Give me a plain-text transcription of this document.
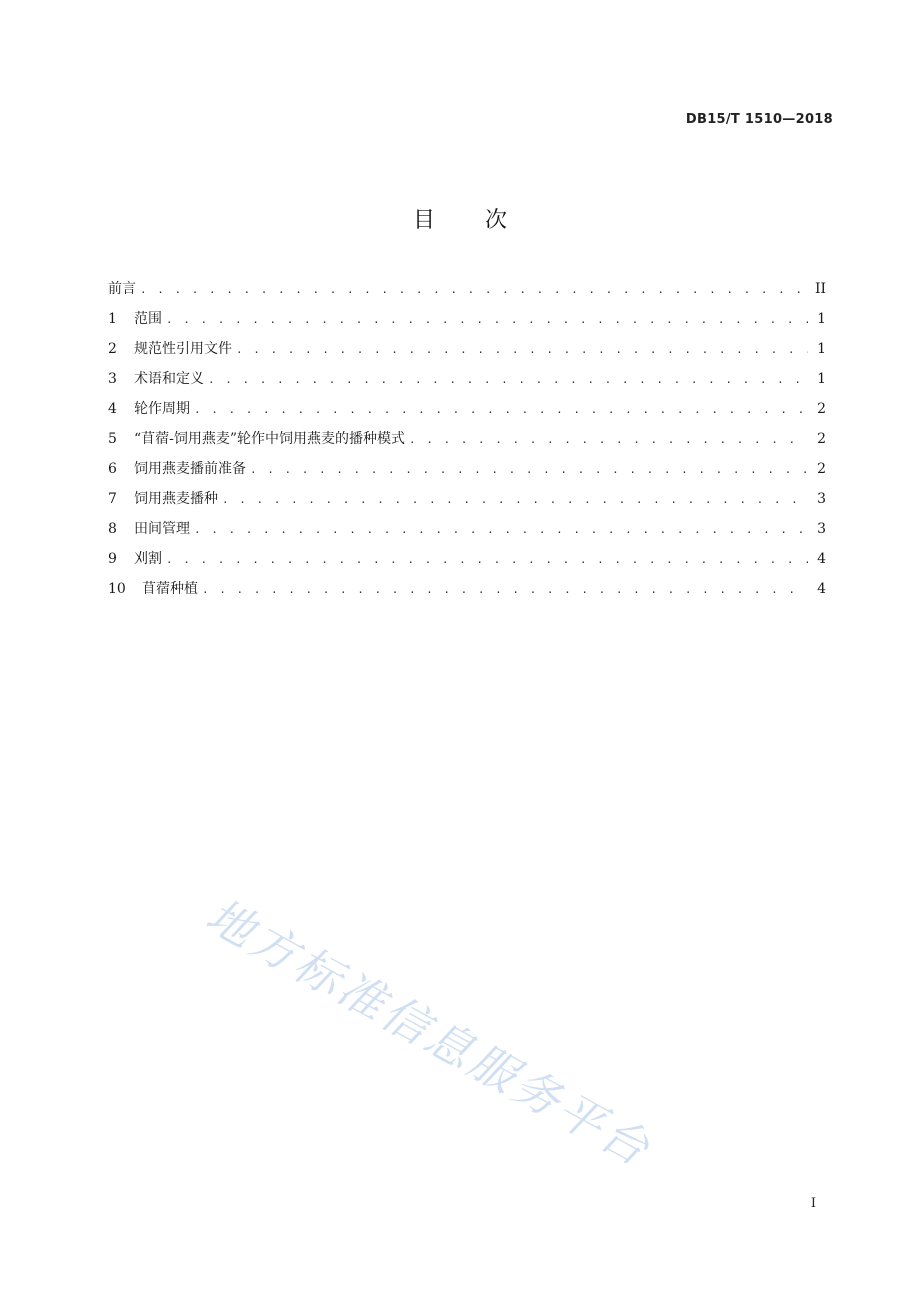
DB15/T 1510—2018
目 次
前言 . . .	II
1	范围 . . .	1
2	规范性引用文件 . . .	1
3	术语和定义 . . .	1
4	轮作周期 . . .	2
5	“苜蓿-饲用燕麦”轮作中饲用燕麦的播种模式 . . .	2
6	饲用燕麦播前准备 . . .	2
7	饲用燕麦播种 . . .	3
8	田间管理 . . .	3
9	刈割 . . .	4
10	苜蓿种植 . . .	4
地方标准信息服务平台
I
